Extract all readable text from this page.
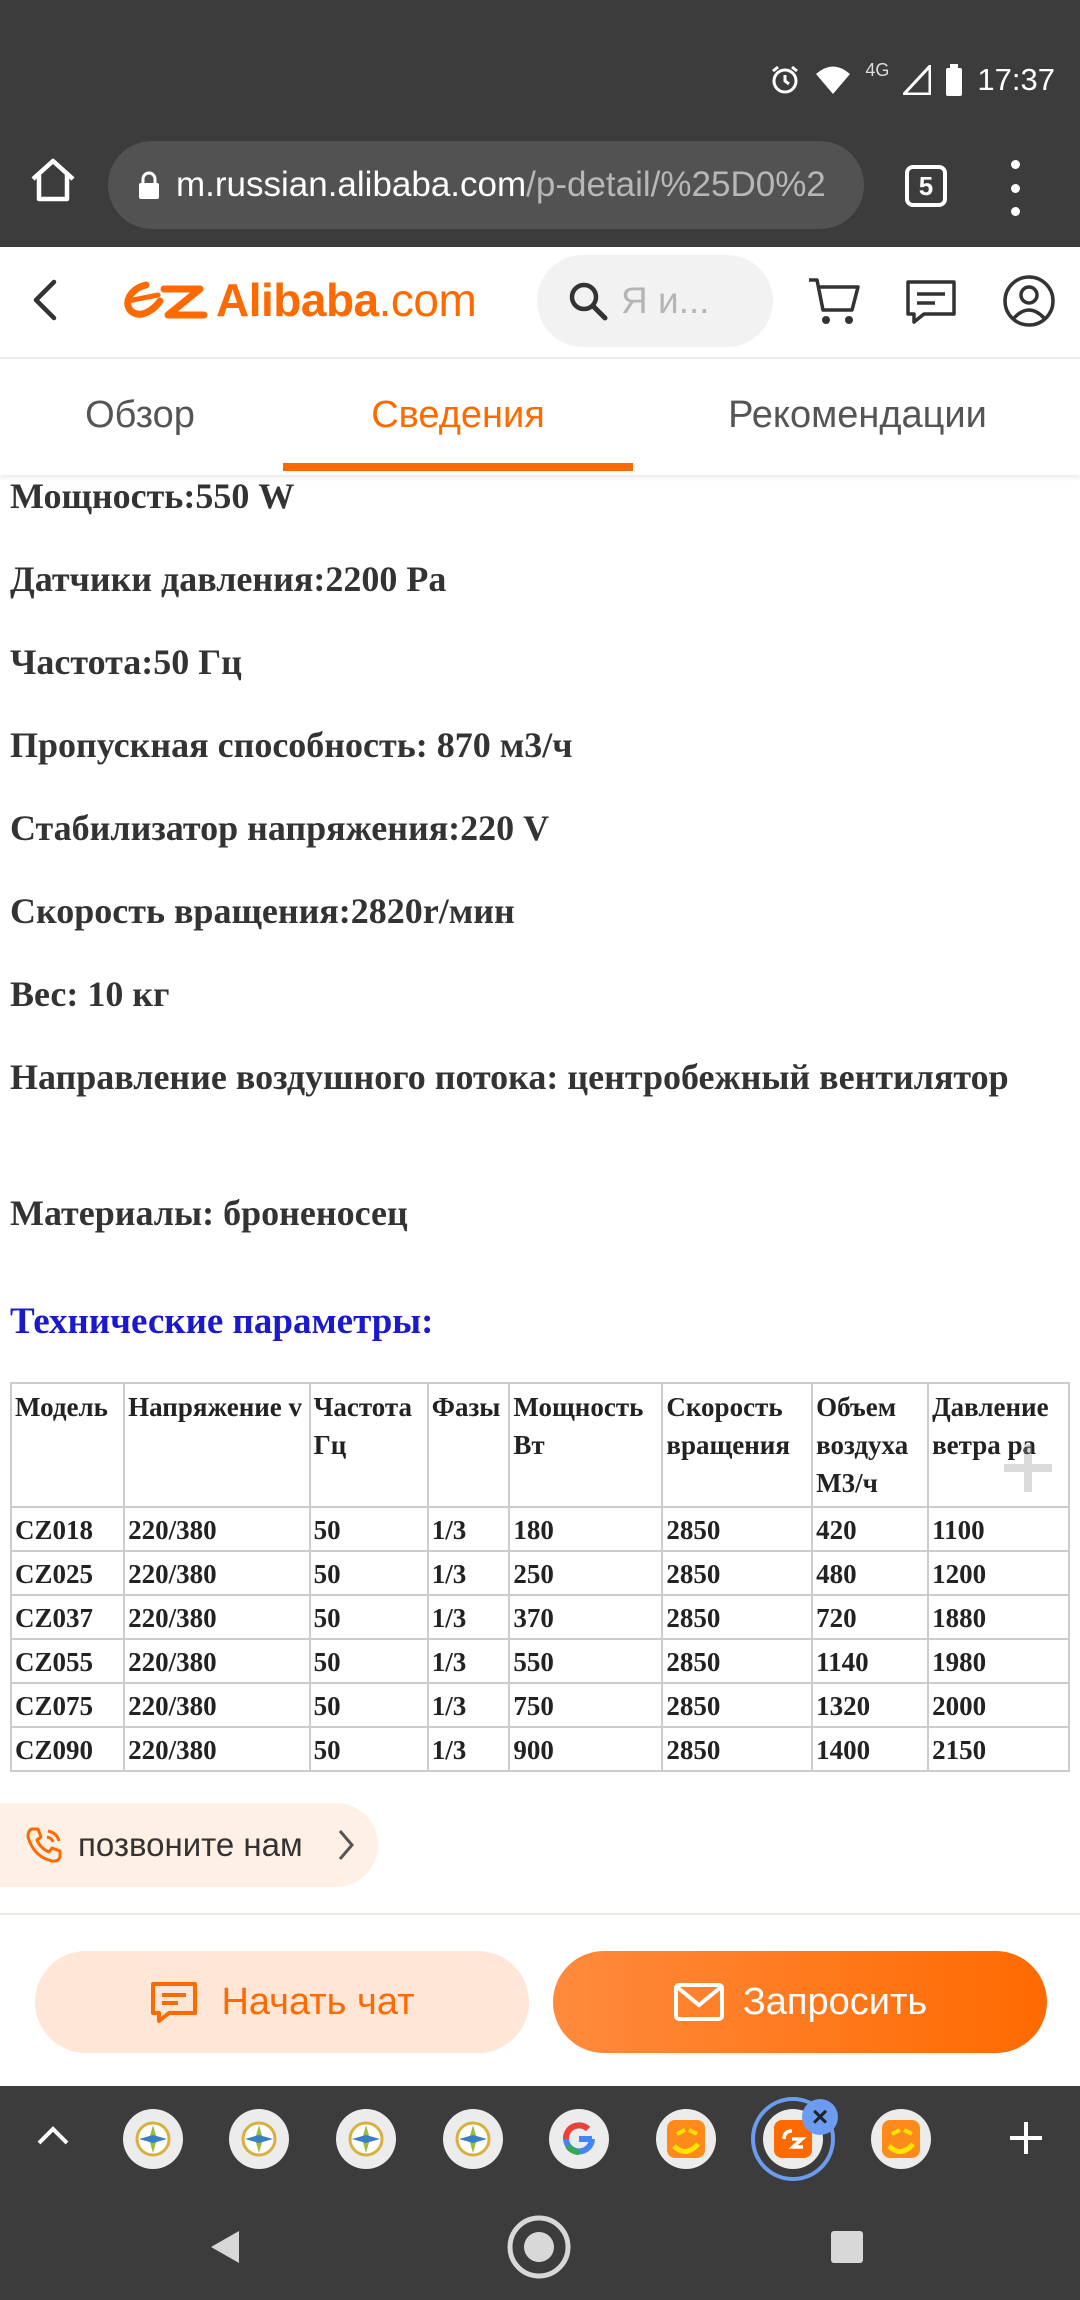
4G	17:37
m.russian.alibaba.com/p-detail/%25D0%2	5
Alibaba.com	Я и...
Обзор	Сведения	Рекомендации
Мощность:550 W
Датчики давления:2200 Pa
Частота:50 Гц
Пропускная способность: 870 м3/ч
Стабилизатор напряжения:220 V
Скорость вращения:2820r/мин
Вес: 10 кг
Направление воздушного потока: центробежный вентилятор
Материалы: броненосец
Технические параметры:
Модель	Напряжение v	Частота Гц	Фазы	Мощность Вт	Скорость вращения	Объем воздуха М3/ч	Давление ветра ра
CZ018	220/380	50	1/3	180	2850	420	1100
CZ025	220/380	50	1/3	250	2850	480	1200
CZ037	220/380	50	1/3	370	2850	720	1880
CZ055	220/380	50	1/3	550	2850	1140	1980
CZ075	220/380	50	1/3	750	2850	1320	2000
CZ090	220/380	50	1/3	900	2850	1400	2150
позвоните нам
Начать чат	Запросить
×
